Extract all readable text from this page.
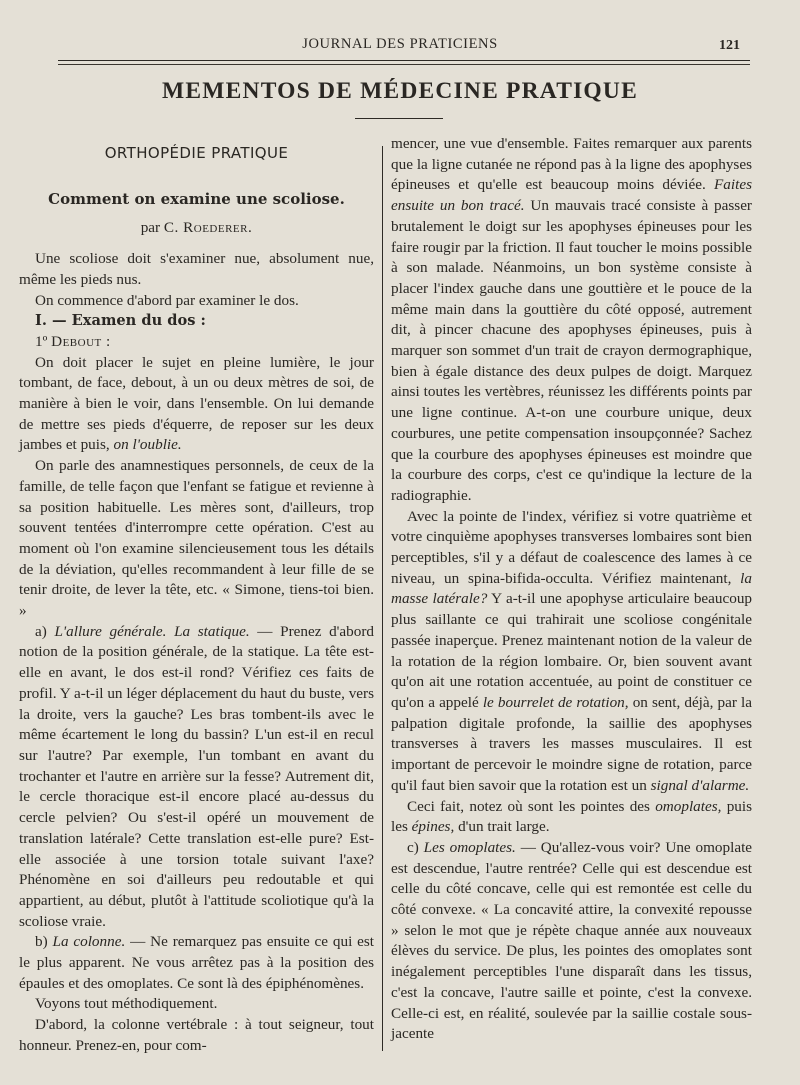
JOURNAL DES PRATICIENS	121
MEMENTOS DE MÉDECINE PRATIQUE
ORTHOPÉDIE PRATIQUE
Comment on examine une scoliose.
par C. Roederer.

Une scoliose doit s'examiner nue, absolument nue, même les pieds nus.

On commence d'abord par examiner le dos.

I. — Examen du dos :

1º Debout :

On doit placer le sujet en pleine lumière, le jour tombant, de face, debout, à un ou deux mètres de soi, de manière à bien le voir, dans l'ensemble. On lui demande de mettre ses pieds d'équerre, de reposer sur les deux jambes et puis, on l'oublie.

On parle des anamnestiques personnels, de ceux de la famille, de telle façon que l'enfant se fatigue et revienne à sa position habituelle. Les mères sont, d'ailleurs, trop souvent tentées d'interrompre cette opération. C'est au moment où l'on examine silencieusement tous les détails de la déviation, qu'elles recommandent à leur fille de se tenir droite, de lever la tête, etc. « Simone, tiens-toi bien. »

a) L'allure générale. La statique. — Prenez d'abord notion de la position générale, de la statique. La tête est-elle en avant, le dos est-il rond? Vérifiez ces faits de profil. Y a-t-il un léger déplacement du haut du buste, vers la droite, vers la gauche? Les bras tombent-ils avec le même écartement le long du bassin? L'un est-il en recul sur l'autre? Par exemple, l'un tombant en avant du trochanter et l'autre en arrière sur la fesse? Autrement dit, le cercle thoracique est-il encore placé au-dessus du cercle pelvien? Ou s'est-il opéré un mouvement de translation latérale? Cette translation est-elle pure? Est-elle associée à une torsion totale suivant l'axe? Phénomène en soi d'ailleurs peu redoutable et qui appartient, au début, plutôt à l'attitude scoliotique qu'à la scoliose vraie.

b) La colonne. — Ne remarquez pas ensuite ce qui est le plus apparent. Ne vous arrêtez pas à la position des épaules et des omoplates. Ce sont là des épiphénomènes.

Voyons tout méthodiquement.

D'abord, la colonne vertébrale : à tout seigneur, tout honneur. Prenez-en, pour com-

mencer, une vue d'ensemble. Faites remarquer aux parents que la ligne cutanée ne répond pas à la ligne des apophyses épineuses et qu'elle est beaucoup moins déviée. Faites ensuite un bon tracé. Un mauvais tracé consiste à passer brutalement le doigt sur les apophyses épineuses pour les faire rougir par la friction. Il faut toucher le moins possible à son malade. Néanmoins, un bon système consiste à placer l'index gauche dans une gouttière et le pouce de la même main dans la gouttière du côté opposé, autrement dit, à pincer chacune des apophyses épineuses, puis à marquer son sommet d'un trait de crayon dermographique, bien à égale distance des deux pulpes de doigt. Marquez ainsi toutes les vertèbres, réunissez les différents points par une ligne continue. A-t-on une courbure unique, deux courbures, une petite compensation insoupçonnée? Sachez que la courbure des apophyses épineuses est moindre que la courbure des corps, c'est ce qu'indique la lecture de la radiographie.

Avec la pointe de l'index, vérifiez si votre quatrième et votre cinquième apophyses transverses lombaires sont bien perceptibles, s'il y a défaut de coalescence des lames à ce niveau, un spina-bifida-occulta. Vérifiez maintenant, la masse latérale? Y a-t-il une apophyse articulaire beaucoup plus saillante ce qui trahirait une scoliose congénitale passée inaperçue. Prenez maintenant notion de la valeur de la rotation de la région lombaire. Or, bien souvent avant qu'on ait une rotation accentuée, au point de constituer ce qu'on a appelé le bourrelet de rotation, on sent, déjà, par la palpation digitale profonde, la saillie des apophyses transverses à travers les masses musculaires. Il est important de percevoir le moindre signe de rotation, parce qu'il faut bien savoir que la rotation est un signal d'alarme.

Ceci fait, notez où sont les pointes des omoplates, puis les épines, d'un trait large.

c) Les omoplates. — Qu'allez-vous voir? Une omoplate est descendue, l'autre rentrée? Celle qui est descendue est celle du côté concave, celle qui est remontée est celle du côté convexe. « La concavité attire, la convexité repousse » selon le mot que je répète chaque année aux nouveaux élèves du service. De plus, les pointes des omoplates sont inégalement perceptibles l'une disparaît dans les tissus, c'est la concave, l'autre saille et pointe, c'est la convexe. Celle-ci est, en réalité, soulevée par la saillie costale sous-jacente
